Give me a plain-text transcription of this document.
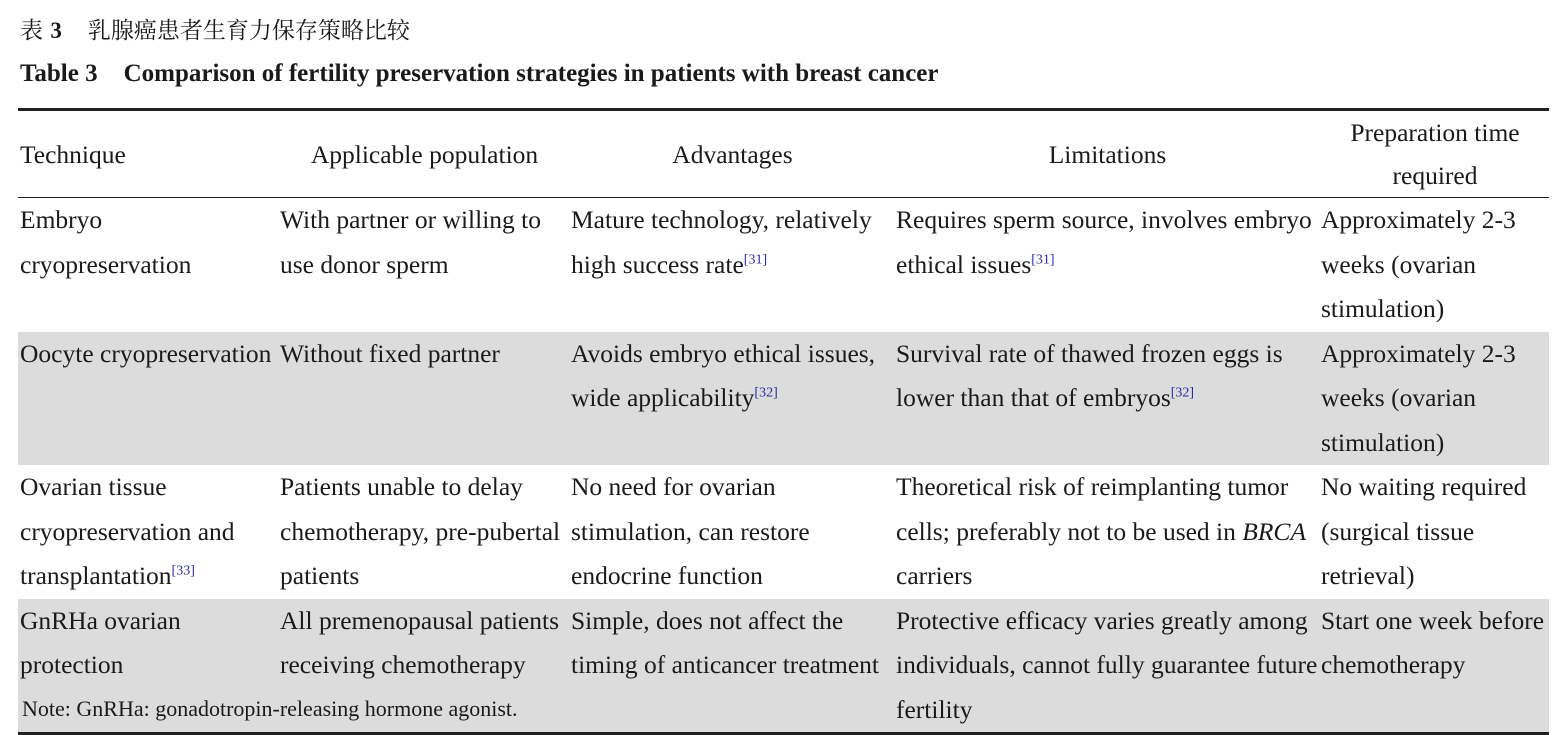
表 3 乳腺癌患者生育力保存策略比较
Table 3 Comparison of fertility preservation strategies in patients with breast cancer
Technique	Applicable population	Advantages	Limitations	Preparation time required
Embryo cryopreservation	With partner or willing to use donor sperm	Mature technology, relatively high success rate[31]	Requires sperm source, involves embryo ethical issues[31]	Approximately 2-3 weeks (ovarian stimulation)
Oocyte cryopreservation	Without fixed partner	Avoids embryo ethical issues, wide applicability[32]	Survival rate of thawed frozen eggs is lower than that of embryos[32]	Approximately 2-3 weeks (ovarian stimulation)
Ovarian tissue cryopreservation and transplantation[33]	Patients unable to delay chemotherapy, pre-pubertal patients	No need for ovarian stimulation, can restore endocrine function	Theoretical risk of reimplanting tumor cells; preferably not to be used in BRCA carriers	No waiting required (surgical tissue retrieval)
GnRHa ovarian protection	All premenopausal patients receiving chemotherapy	Simple, does not affect the timing of anticancer treatment	Protective efficacy varies greatly among individuals, cannot fully guarantee future fertility	Start one week before chemotherapy
Note: GnRHa: gonadotropin-releasing hormone agonist.
